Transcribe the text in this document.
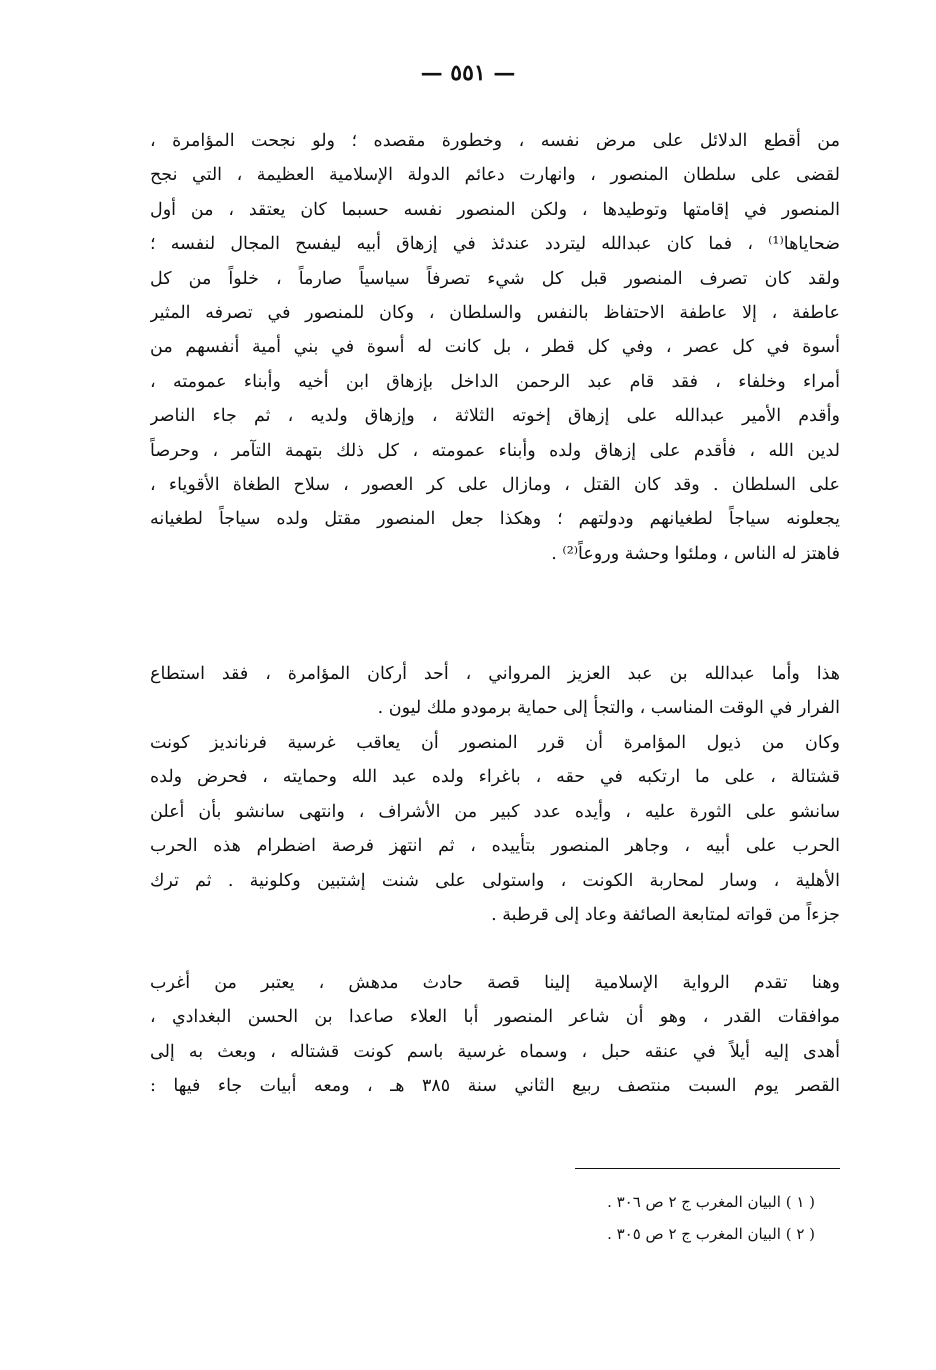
— ٥٥١ —
من أقطع الدلائل على مرض نفسه ، وخطورة مقصده ؛ ولو نجحت المؤامرة ،
لقضى على سلطان المنصور ، وانهارت دعائم الدولة الإسلامية العظيمة ، التي نجح
المنصور في إقامتها وتوطيدها ، ولكن المنصور نفسه حسبما كان يعتقد ، من أول
ضحاياها⁽¹⁾ ، فما كان عبدالله ليتردد عندئذ في إزهاق أبيه ليفسح المجال لنفسه ؛
ولقد كان تصرف المنصور قبل كل شيء تصرفاً سياسياً صارماً ، خلواً من كل
عاطفة ، إلا عاطفة الاحتفاظ بالنفس والسلطان ، وكان للمنصور في تصرفه المثير
أسوة في كل عصر ، وفي كل قطر ، بل كانت له أسوة في بني أمية أنفسهم من
أمراء وخلفاء ، فقد قام عبد الرحمن الداخل بإزهاق ابن أخيه وأبناء عمومته ،
وأقدم الأمير عبدالله على إزهاق إخوته الثلاثة ، وإزهاق ولديه ، ثم جاء الناصر
لدين الله ، فأقدم على إزهاق ولده وأبناء عمومته ، كل ذلك بتهمة التآمر ، وحرصاً
على السلطان . وقد كان القتل ، ومازال على كر العصور ، سلاح الطغاة الأقوياء ،
يجعلونه سياجاً لطغيانهم ودولتهم ؛ وهكذا جعل المنصور مقتل ولده سياجاً لطغيانه
فاهتز له الناس ، وملئوا وحشة وروعاً⁽²⁾ .
هذا وأما عبدالله بن عبد العزيز المرواني ، أحد أركان المؤامرة ، فقد استطاع
الفرار في الوقت المناسب ، والتجأ إلى حماية برمودو ملك ليون .
وكان من ذيول المؤامرة أن قرر المنصور أن يعاقب غرسية فرنانديز كونت
قشتالة ، على ما ارتكبه في حقه ، باغراء ولده عبد الله وحمايته ، فحرض ولده
سانشو على الثورة عليه ، وأيده عدد كبير من الأشراف ، وانتهى سانشو بأن أعلن
الحرب على أبيه ، وجاهر المنصور بتأييده ، ثم انتهز فرصة اضطرام هذه الحرب
الأهلية ، وسار لمحاربة الكونت ، واستولى على شنت إشتبين وكلونية . ثم ترك
جزءاً من قواته لمتابعة الصائفة وعاد إلى قرطبة .
وهنا تقدم الرواية الإسلامية إلينا قصة حادث مدهش ، يعتبر من أغرب
موافقات القدر ، وهو أن شاعر المنصور أبا العلاء صاعدا بن الحسن البغدادي ،
أهدى إليه أيلاً في عنقه حبل ، وسماه غرسية باسم كونت قشتاله ، وبعث به إلى
القصر يوم السبت منتصف ربيع الثاني سنة ٣٨٥ هـ ، ومعه أبيات جاء فيها :
( ١ ) البيان المغرب ج ٢ ص ٣٠٦ .
( ٢ ) البيان المغرب ج ٢ ص ٣٠٥ .
